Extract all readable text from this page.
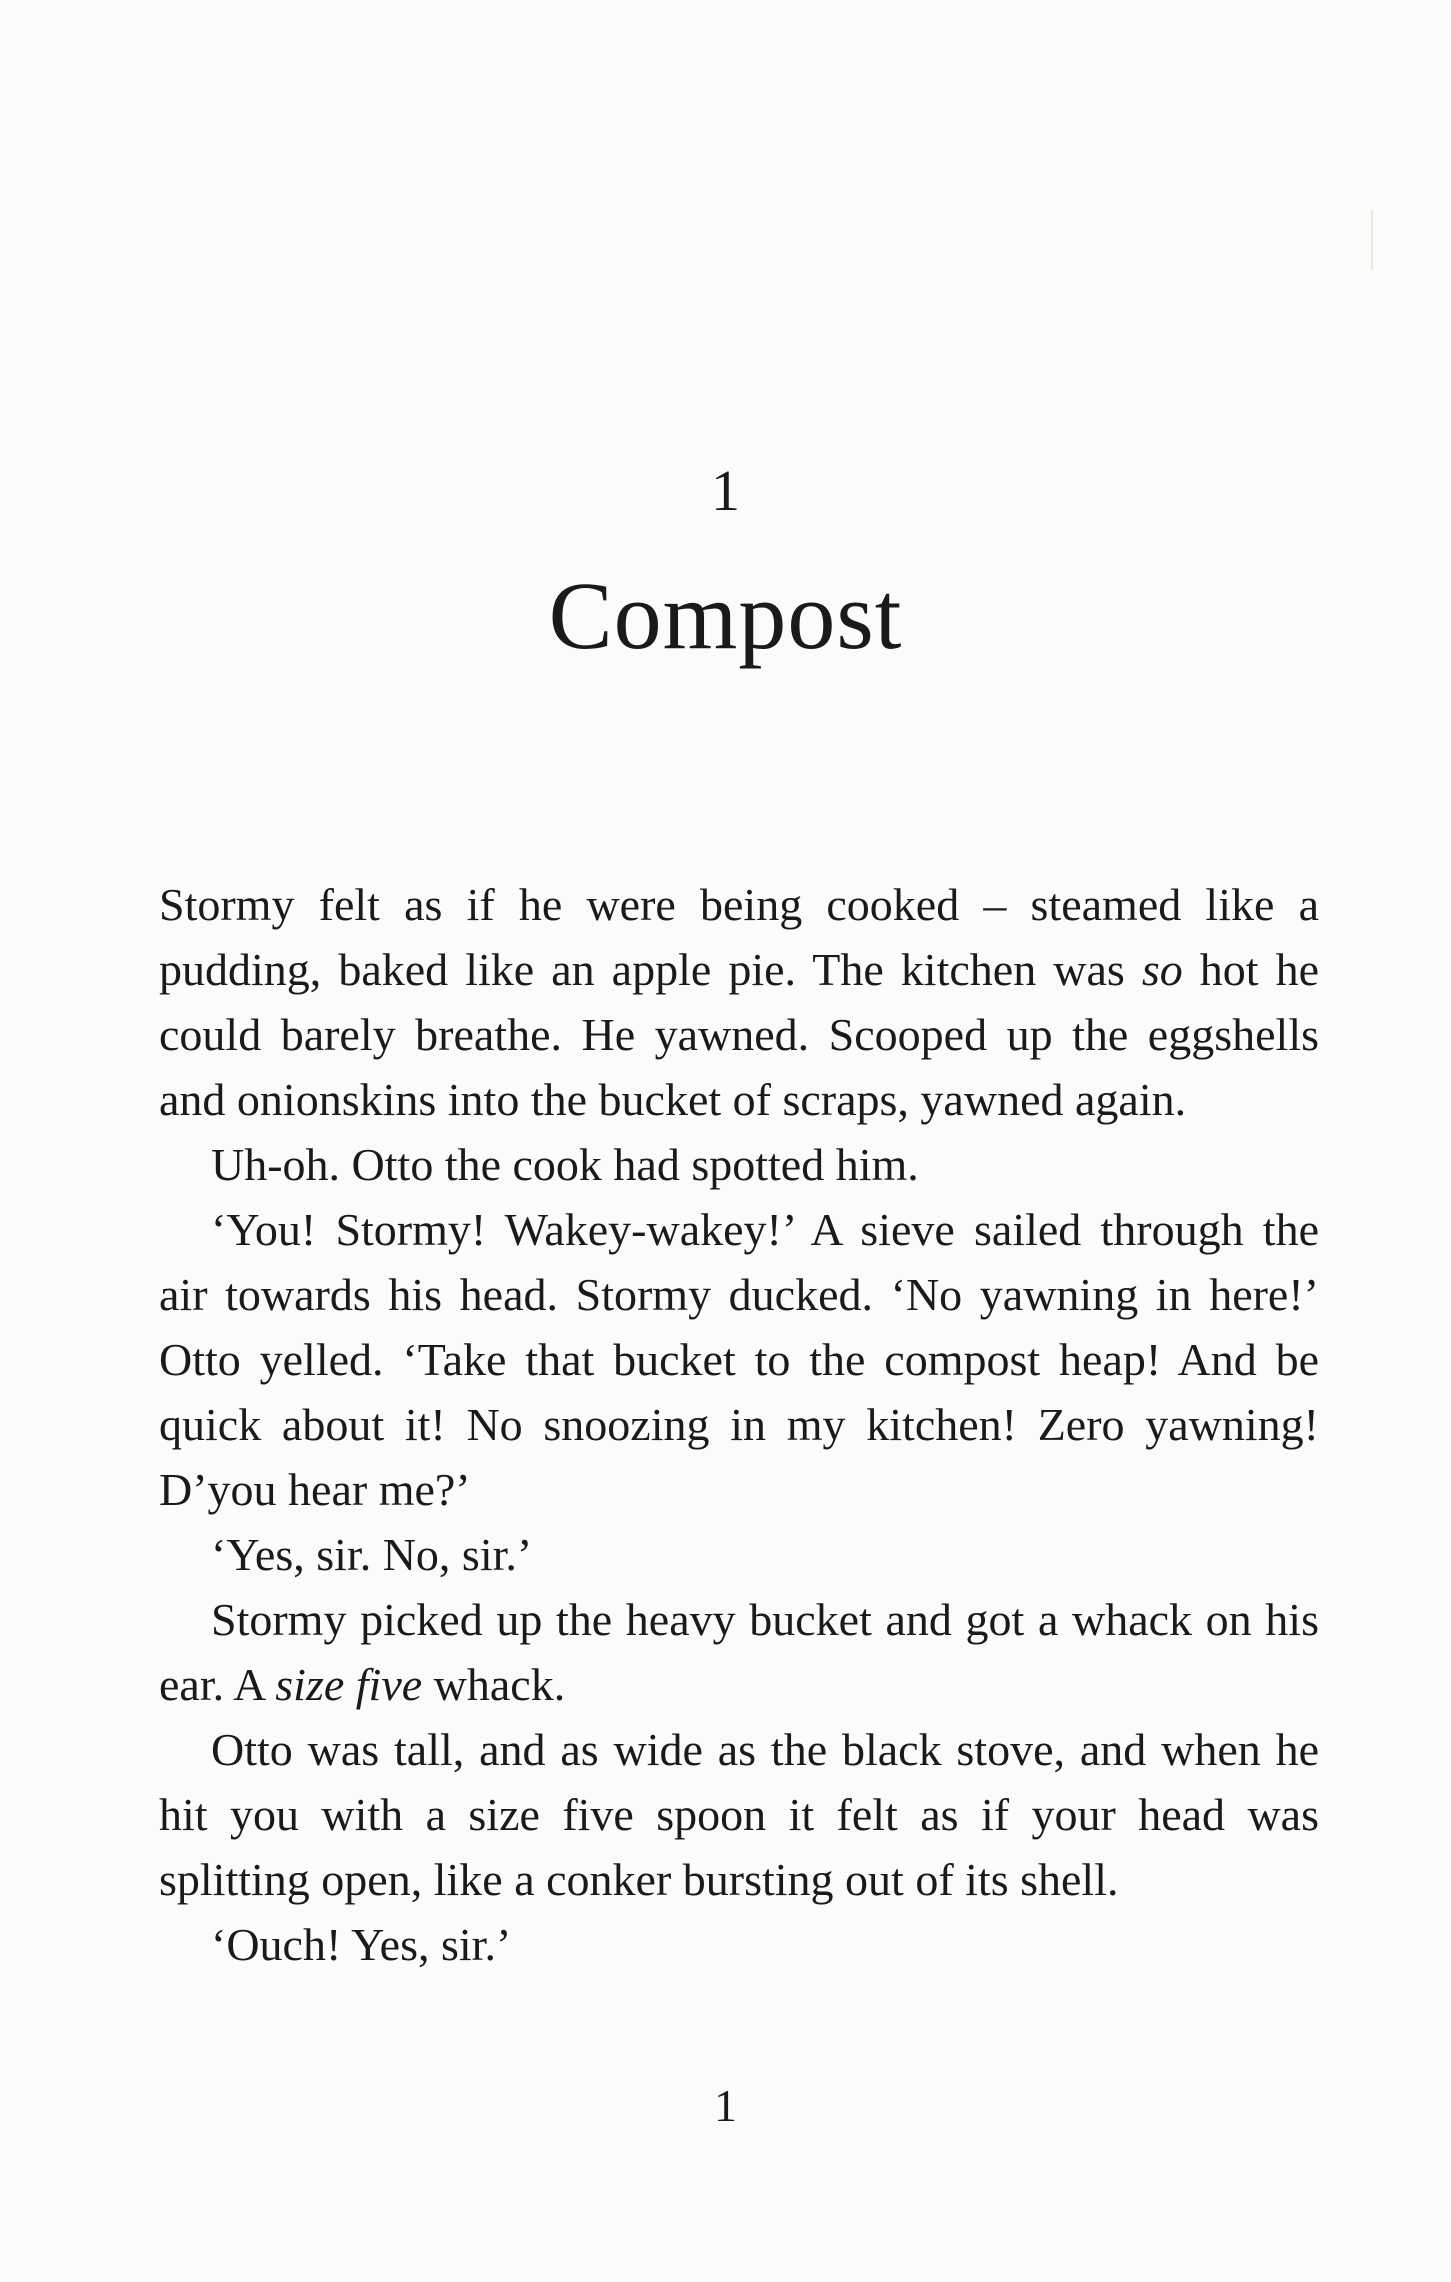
1
Compost

Stormy felt as if he were being cooked – steamed like a pudding, baked like an apple pie. The kitchen was so hot he could barely breathe. He yawned. Scooped up the eggshells and onionskins into the bucket of scraps, yawned again.

Uh-oh. Otto the cook had spotted him.

‘You! Stormy! Wakey-wakey!’ A sieve sailed through the air towards his head. Stormy ducked. ‘No yawning in here!’ Otto yelled. ‘Take that bucket to the compost heap! And be quick about it! No snoozing in my kitchen! Zero yawning! D’you hear me?’

‘Yes, sir. No, sir.’

Stormy picked up the heavy bucket and got a whack on his ear. A size five whack.

Otto was tall, and as wide as the black stove, and when he hit you with a size five spoon it felt as if your head was splitting open, like a conker bursting out of its shell.

‘Ouch! Yes, sir.’

1
